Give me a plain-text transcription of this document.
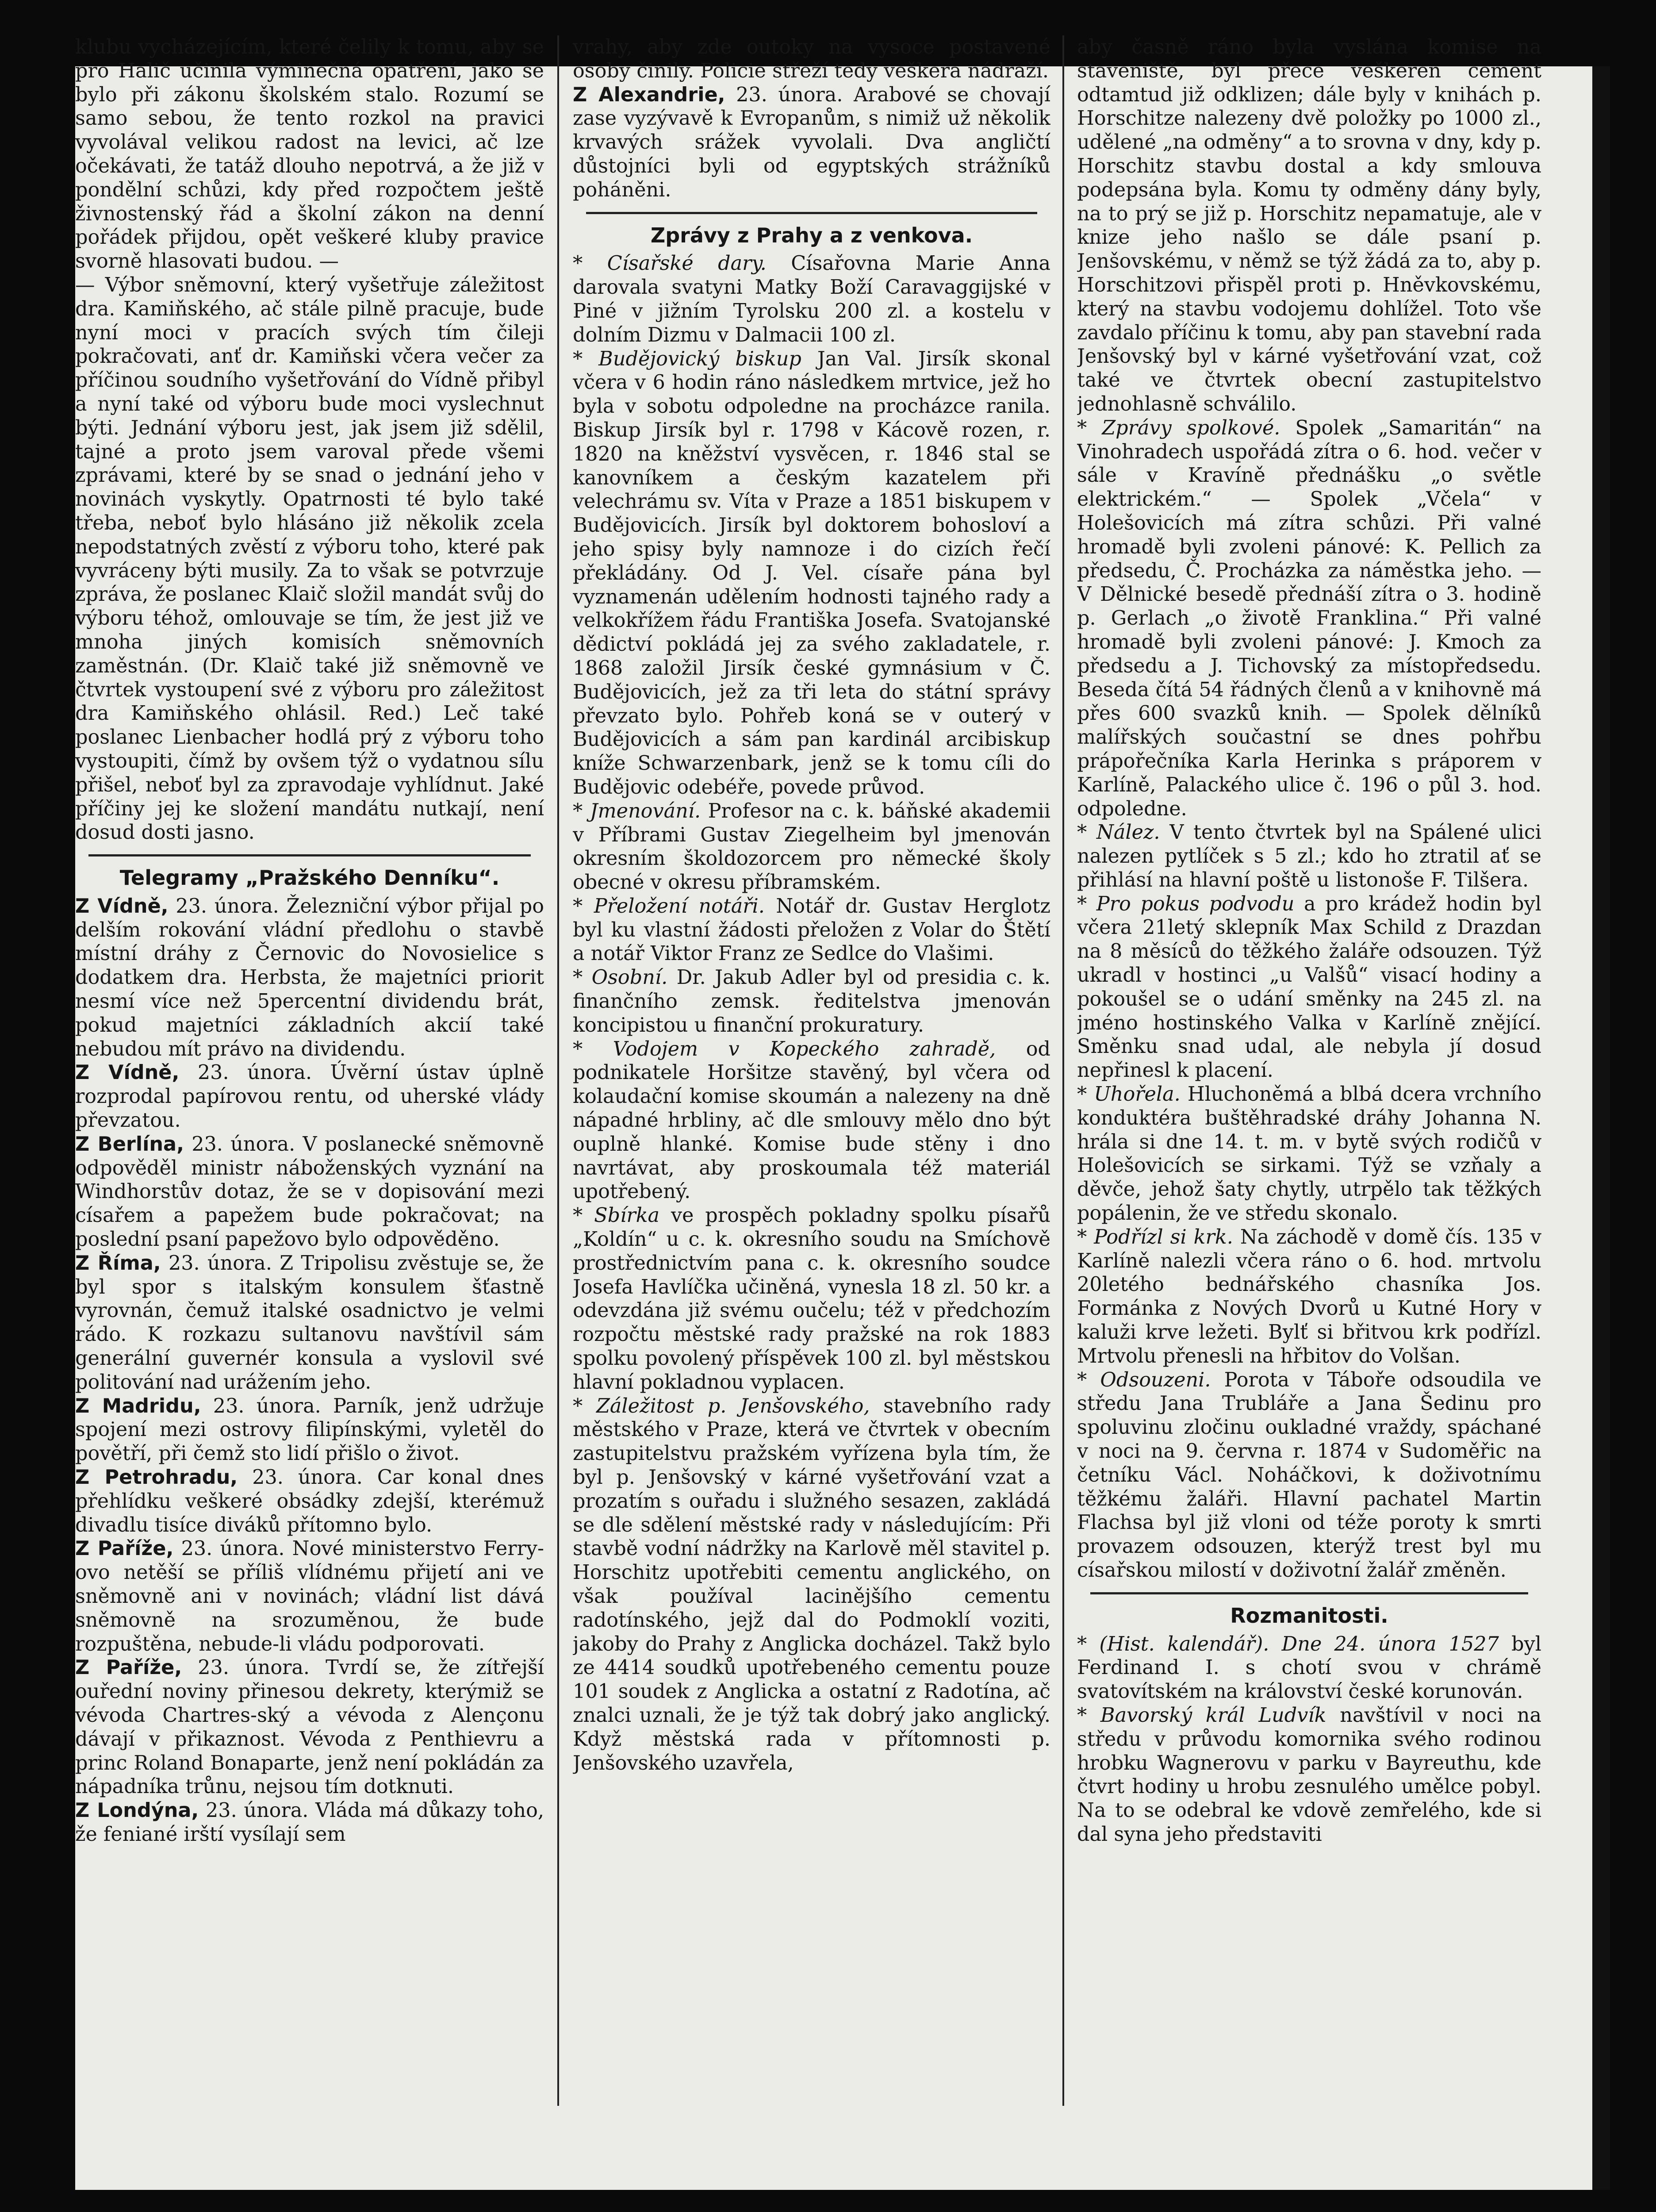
klubu vycházejícím, které čelily k tomu, aby se pro Halič učinila výminečná opatření, jako se bylo při zákonu školském stalo. Rozumí se samo sebou, že tento rozkol na pravici vyvolával velikou radost na levici, ač lze očekávati, že tatáž dlouho nepotrvá, a že již v pondělní schůzi, kdy před rozpočtem ještě živnostenský řád a školní zákon na denní pořádek přijdou, opět veškeré kluby pravice svorně hlasovati budou. —

— Výbor sněmovní, který vyšetřuje záležitost dra. Kamiňského, ač stále pilně pracuje, bude nyní moci v pracích svých tím čileji pokračovati, anť dr. Kamiňski včera večer za příčinou soudního vyšetřování do Vídně přibyl a nyní také od výboru bude moci vyslechnut býti. Jednání výboru jest, jak jsem již sdělil, tajné a proto jsem varoval přede všemi zprávami, které by se snad o jednání jeho v novinách vyskytly. Opatrnosti té bylo také třeba, neboť bylo hlásáno již několik zcela nepodstatných zvěstí z výboru toho, které pak vyvráceny býti musily. Za to však se potvrzuje zpráva, že poslanec Klaič složil mandát svůj do výboru téhož, omlouvaje se tím, že jest již ve mnoha jiných komisích sněmovních zaměstnán. (Dr. Klaič také již sněmovně ve čtvrtek vystoupení své z výboru pro záležitost dra Kamiňského ohlásil. Red.) Leč také poslanec Lienbacher hodlá prý z výboru toho vystoupiti, čímž by ovšem týž o vydatnou sílu přišel, neboť byl za zpravodaje vyhlídnut. Jaké příčiny jej ke složení mandátu nutkají, není dosud dosti jasno.

Telegramy „Pražského Denníku“.

Z Vídně, 23. února. Železniční výbor přijal po delším rokování vládní předlohu o stavbě místní dráhy z Černovic do Novosielice s dodatkem dra. Herbsta, že majetníci priorit nesmí více než 5percentní dividendu brát, pokud majetníci základních akcií také nebudou mít právo na dividendu.

Z Vídně, 23. února. Úvěrní ústav úplně rozprodal papírovou rentu, od uherské vlády převzatou.

Z Berlína, 23. února. V poslanecké sněmovně odpověděl ministr náboženských vyznání na Windhorstův dotaz, že se v dopisování mezi císařem a papežem bude pokračovat; na poslední psaní papežovo bylo odpověděno.

Z Říma, 23. února. Z Tripolisu zvěstuje se, že byl spor s italským konsulem šťastně vyrovnán, čemuž italské osadnictvo je velmi rádo. K rozkazu sultanovu navštívil sám generální guvernér konsula a vyslovil své politování nad urážením jeho.

Z Madridu, 23. února. Parník, jenž udržuje spojení mezi ostrovy filipínskými, vyletěl do povětří, při čemž sto lidí přišlo o život.

Z Petrohradu, 23. února. Car konal dnes přehlídku veškeré obsádky zdejší, kterémuž divadlu tisíce diváků přítomno bylo.

Z Paříže, 23. února. Nové ministerstvo Ferry-ovo netěší se příliš vlídnému přijetí ani ve sněmovně ani v novinách; vládní list dává sněmovně na srozuměnou, že bude rozpuštěna, nebude-li vládu podporovati.

Z Paříže, 23. února. Tvrdí se, že zítřejší ouřední noviny přinesou dekrety, kterýmiž se vévoda Chartres-ský a vévoda z Alençonu dávají v přikaznost. Vévoda z Penthievru a princ Roland Bonaparte, jenž není pokládán za nápadníka trůnu, nejsou tím dotknuti.

Z Londýna, 23. února. Vláda má důkazy toho, že feniané irští vysílají sem

vrahy, aby zde outoky na vysoce postavené osoby činily. Policie střeží tedy veškera nádraží.

Z Alexandrie, 23. února. Arabové se chovají zase vyzývavě k Evropanům, s nimiž už několik krvavých srážek vyvolali. Dva angličtí důstojníci byli od egyptských strážníků poháněni.

Zprávy z Prahy a z venkova.

* Císařské dary. Císařovna Marie Anna darovala svatyni Matky Boží Caravaggijské v Piné v jižním Tyrolsku 200 zl. a kostelu v dolním Dizmu v Dalmacii 100 zl.

* Budějovický biskup Jan Val. Jirsík skonal včera v 6 hodin ráno následkem mrtvice, jež ho byla v sobotu odpoledne na procházce ranila. Biskup Jirsík byl r. 1798 v Kácově rozen, r. 1820 na kněžství vysvěcen, r. 1846 stal se kanovníkem a českým kazatelem při velechrámu sv. Víta v Praze a 1851 biskupem v Budějovicích. Jirsík byl doktorem bohosloví a jeho spisy byly namnoze i do cizích řečí překládány. Od J. Vel. císaře pána byl vyznamenán udělením hodnosti tajného rady a velkokřížem řádu Františka Josefa. Svatojanské dědictví pokládá jej za svého zakladatele, r. 1868 založil Jirsík české gymnásium v Č. Budějovicích, jež za tři leta do státní správy převzato bylo. Pohřeb koná se v outerý v Budějovicích a sám pan kardinál arcibiskup kníže Schwarzenbark, jenž se k tomu cíli do Budějovic odebéře, povede průvod.

* Jmenování. Profesor na c. k. báňské akademii v Příbrami Gustav Ziegelheim byl jmenován okresním školdozorcem pro německé školy obecné v okresu příbramském.

* Přeložení notáři. Notář dr. Gustav Herglotz byl ku vlastní žádosti přeložen z Volar do Štětí a notář Viktor Franz ze Sedlce do Vlašimi.

* Osobní. Dr. Jakub Adler byl od presidia c. k. finančního zemsk. ředitelstva jmenován koncipistou u finanční prokuratury.

* Vodojem v Kopeckého zahradě, od podnikatele Horšitze stavěný, byl včera od kolaudační komise skoumán a nalezeny na dně nápadné hrbliny, ač dle smlouvy mělo dno být ouplně hlanké. Komise bude stěny i dno navrtávat, aby proskoumala též materiál upotřebený.

* Sbírka ve prospěch pokladny spolku písařů „Koldín“ u c. k. okresního soudu na Smíchově prostřednictvím pana c. k. okresního soudce Josefa Havlíčka učiněná, vynesla 18 zl. 50 kr. a odevzdána již svému oučelu; též v předchozím rozpočtu městské rady pražské na rok 1883 spolku povolený příspěvek 100 zl. byl městskou hlavní pokladnou vyplacen.

* Záležitost p. Jenšovského, stavebního rady městského v Praze, která ve čtvrtek v obecním zastupitelstvu pražském vyřízena byla tím, že byl p. Jenšovský v kárné vyšetřování vzat a prozatím s ouřadu i služného sesazen, zakládá se dle sdělení městské rady v následujícím: Při stavbě vodní nádržky na Karlově měl stavitel p. Horschitz upotřebiti cementu anglického, on však používal lacinějšího cementu radotínského, jejž dal do Podmoklí voziti, jakoby do Prahy z Anglicka docházel. Takž bylo ze 4414 soudků upotřebeného cementu pouze 101 soudek z Anglicka a ostatní z Radotína, ač znalci uznali, že je týž tak dobrý jako anglický. Když městská rada v přítomnosti p. Jenšovského uzavřela,

aby časně ráno byla vyslána komise na staveniště, byl přece veškeren cement odtamtud již odklizen; dále byly v knihách p. Horschitze nalezeny dvě položky po 1000 zl., udělené „na odměny“ a to srovna v dny, kdy p. Horschitz stavbu dostal a kdy smlouva podepsána byla. Komu ty odměny dány byly, na to prý se již p. Horschitz nepamatuje, ale v knize jeho našlo se dále psaní p. Jenšovskému, v němž se týž žádá za to, aby p. Horschitzovi přispěl proti p. Hněvkovskému, který na stavbu vodojemu dohlížel. Toto vše zavdalo příčinu k tomu, aby pan stavební rada Jenšovský byl v kárné vyšetřování vzat, což také ve čtvrtek obecní zastupitelstvo jednohlasně schválilo.

* Zprávy spolkové. Spolek „Samaritán“ na Vinohradech uspořádá zítra o 6. hod. večer v sále v Kravíně přednášku „o světle elektrickém.“ — Spolek „Včela“ v Holešovicích má zítra schůzi. Při valné hromadě byli zvoleni pánové: K. Pellich za předsedu, Č. Procházka za náměstka jeho. — V Dělnické besedě přednáší zítra o 3. hodině p. Gerlach „o životě Franklina.“ Při valné hromadě byli zvoleni pánové: J. Kmoch za předsedu a J. Tichovský za místopředsedu. Beseda čítá 54 řádných členů a v knihovně má přes 600 svazků knih. — Spolek dělníků malířských součastní se dnes pohřbu prápořečníka Karla Herinka s práporem v Karlíně, Palackého ulice č. 196 o půl 3. hod. odpoledne.

* Nález. V tento čtvrtek byl na Spálené ulici nalezen pytlíček s 5 zl.; kdo ho ztratil ať se přihlásí na hlavní poště u listonoše F. Tilšera.

* Pro pokus podvodu a pro krádež hodin byl včera 21letý sklepník Max Schild z Drazdan na 8 měsíců do těžkého žaláře odsouzen. Týž ukradl v hostinci „u Valšů“ visací hodiny a pokoušel se o udání směnky na 245 zl. na jméno hostinského Valka v Karlíně znějící. Směnku snad udal, ale nebyla jí dosud nepřinesl k placení.

* Uhořela. Hluchoněmá a blbá dcera vrchního konduktéra buštěhradské dráhy Johanna N. hrála si dne 14. t. m. v bytě svých rodičů v Holešovicích se sirkami. Týž se vzňaly a děvče, jehož šaty chytly, utrpělo tak těžkých popálenin, že ve středu skonalo.

* Podřízl si krk. Na záchodě v domě čís. 135 v Karlíně nalezli včera ráno o 6. hod. mrtvolu 20letého bednářského chasníka Jos. Formánka z Nových Dvorů u Kutné Hory v kaluži krve ležeti. Bylť si břitvou krk podřízl. Mrtvolu přenesli na hřbitov do Volšan.

* Odsouzeni. Porota v Táboře odsoudila ve středu Jana Trubláře a Jana Šedinu pro spoluvinu zločinu oukladné vraždy, spáchané v noci na 9. června r. 1874 v Sudoměřic na četníku Václ. Noháčkovi, k doživotnímu těžkému žaláři. Hlavní pachatel Martin Flachsa byl již vloni od téže poroty k smrti provazem odsouzen, kterýž trest byl mu císařskou milostí v doživotní žalář změněn.

Rozmanitosti.

* (Hist. kalendář). Dne 24. února 1527 byl Ferdinand I. s chotí svou v chrámě svatovítském na království české korunován.

* Bavorský král Ludvík navštívil v noci na středu v průvodu komornika svého rodinou hrobku Wagnerovu v parku v Bayreuthu, kde čtvrt hodiny u hrobu zesnulého umělce pobyl. Na to se odebral ke vdově zemřelého, kde si dal syna jeho představiti
